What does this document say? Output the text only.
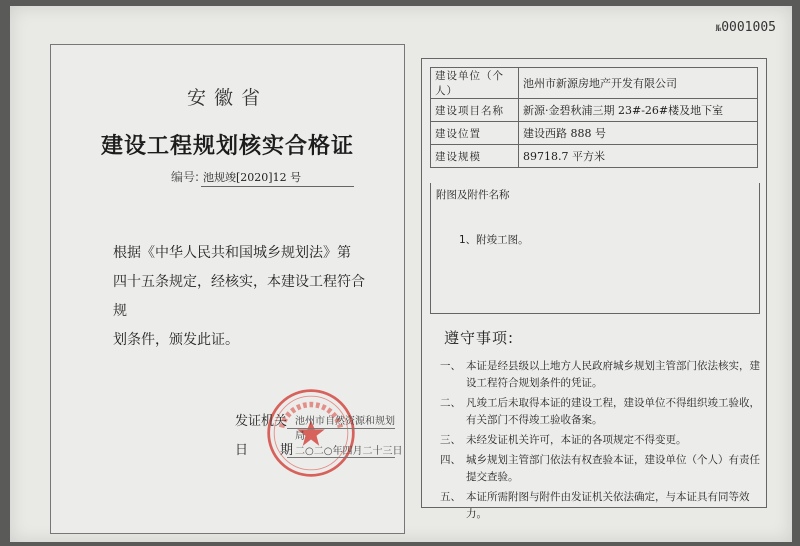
№0001005
安徽省
建设工程规划核实合格证
编号: 池规竣[2020]12 号
根据《中华人民共和国城乡规划法》第
四十五条规定，经核实，本建设工程符合规
划条件，颁发此证。
发证机关 池州市自然资源和规划局
日期
二○二○年四月二十三日
建设单位（个人）	池州市新源房地产开发有限公司
建设项目名称	新源·金碧秋浦三期 23#-26#楼及地下室
建设位置	建设西路 888 号
建设规模	89718.7 平方米
附图及附件名称
1、附竣工图。
遵守事项:
一、 本证是经县级以上地方人民政府城乡规划主管部门依法核实，建设工程符合规划条件的凭证。
二、 凡竣工后未取得本证的建设工程，建设单位不得组织竣工验收，有关部门不得竣工验收备案。
三、 未经发证机关许可，本证的各项规定不得变更。
四、 城乡规划主管部门依法有权查验本证，建设单位（个人）有责任提交查验。
五、 本证所需附图与附件由发证机关依法确定，与本证具有同等效力。
